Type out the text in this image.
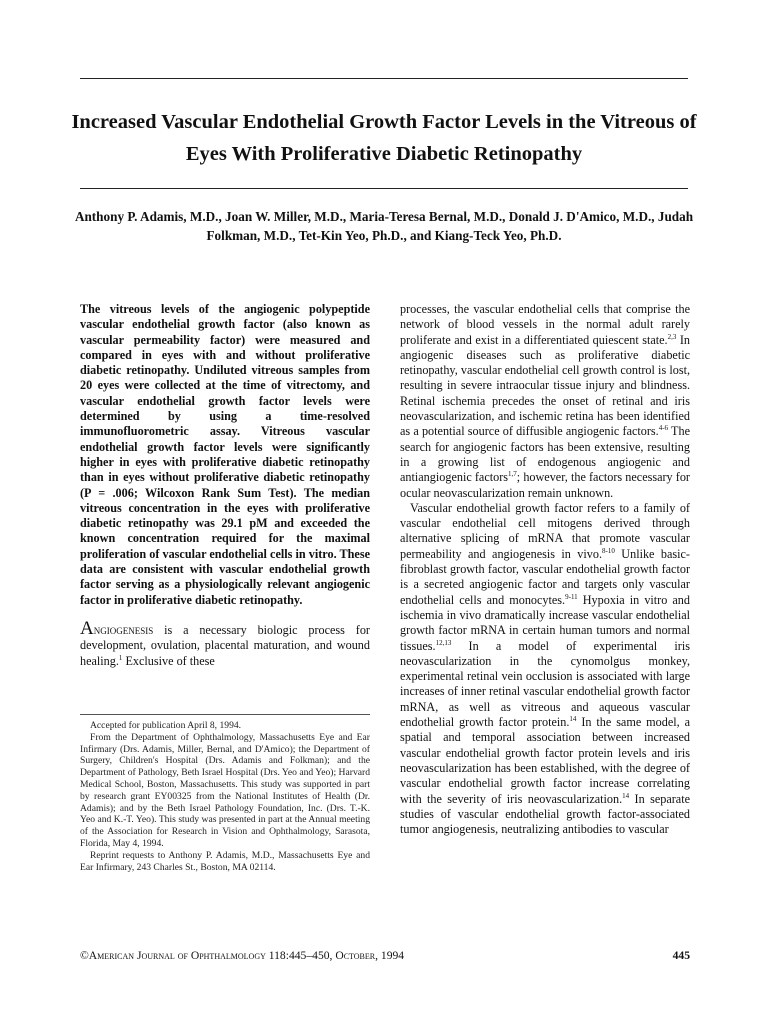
Increased Vascular Endothelial Growth Factor Levels in the Vitreous of Eyes With Proliferative Diabetic Retinopathy
Anthony P. Adamis, M.D., Joan W. Miller, M.D., Maria-Teresa Bernal, M.D., Donald J. D'Amico, M.D., Judah Folkman, M.D., Tet-Kin Yeo, Ph.D., and Kiang-Teck Yeo, Ph.D.

The vitreous levels of the angiogenic polypeptide vascular endothelial growth factor (also known as vascular permeability factor) were measured and compared in eyes with and without proliferative diabetic retinopathy. Undiluted vitreous samples from 20 eyes were collected at the time of vitrectomy, and vascular endothelial growth factor levels were determined by using a time-resolved immunofluorometric assay. Vitreous vascular endothelial growth factor levels were significantly higher in eyes with proliferative diabetic retinopathy than in eyes without proliferative diabetic retinopathy (P = .006; Wilcoxon Rank Sum Test). The median vitreous concentration in the eyes with proliferative diabetic retinopathy was 29.1 pM and exceeded the known concentration required for the maximal proliferation of vascular endothelial cells in vitro. These data are consistent with vascular endothelial growth factor serving as a physiologically relevant angiogenic factor in proliferative diabetic retinopathy.

Angiogenesis is a necessary biologic process for development, ovulation, placental maturation, and wound healing.$^1$ Exclusive of these

Accepted for publication April 8, 1994.

From the Department of Ophthalmology, Massachusetts Eye and Ear Infirmary (Drs. Adamis, Miller, Bernal, and D'Amico); the Department of Surgery, Children's Hospital (Drs. Adamis and Folkman); and the Department of Pathology, Beth Israel Hospital (Drs. Yeo and Yeo); Harvard Medical School, Boston, Massachusetts. This study was supported in part by research grant EY00325 from the National Institutes of Health (Dr. Adamis); and by the Beth Israel Pathology Foundation, Inc. (Drs. T.-K. Yeo and K.-T. Yeo). This study was presented in part at the Annual meeting of the Association for Research in Vision and Ophthalmology, Sarasota, Florida, May 4, 1994.

Reprint requests to Anthony P. Adamis, M.D., Massachusetts Eye and Ear Infirmary, 243 Charles St., Boston, MA 02114.

processes, the vascular endothelial cells that comprise the network of blood vessels in the normal adult rarely proliferate and exist in a differentiated quiescent state.$^{2,3}$ In angiogenic diseases such as proliferative diabetic retinopathy, vascular endothelial cell growth control is lost, resulting in severe intraocular tissue injury and blindness. Retinal ischemia precedes the onset of retinal and iris neovascularization, and ischemic retina has been identified as a potential source of diffusible angiogenic factors.$^{4-6}$ The search for angiogenic factors has been extensive, resulting in a growing list of endogenous angiogenic and antiangiogenic factors$^{1,7}$; however, the factors necessary for ocular neovascularization remain unknown.

Vascular endothelial growth factor refers to a family of vascular endothelial cell mitogens derived through alternative splicing of mRNA that promote vascular permeability and angiogenesis in vivo.$^{8-10}$ Unlike basic-fibroblast growth factor, vascular endothelial growth factor is a secreted angiogenic factor and targets only vascular endothelial cells and monocytes.$^{9-11}$ Hypoxia in vitro and ischemia in vivo dramatically increase vascular endothelial growth factor mRNA in certain human tumors and normal tissues.$^{12,13}$ In a model of experimental iris neovascularization in the cynomolgus monkey, experimental retinal vein occlusion is associated with large increases of inner retinal vascular endothelial growth factor mRNA, as well as vitreous and aqueous vascular endothelial growth factor protein.$^{14}$ In the same model, a spatial and temporal association between increased vascular endothelial growth factor protein levels and iris neovascularization has been established, with the degree of vascular endothelial growth factor increase correlating with the severity of iris neovascularization.$^{14}$ In separate studies of vascular endothelial growth factor-associated tumor angiogenesis, neutralizing antibodies to vascular

©American Journal of Ophthalmology 118:445–450, October, 1994	445
